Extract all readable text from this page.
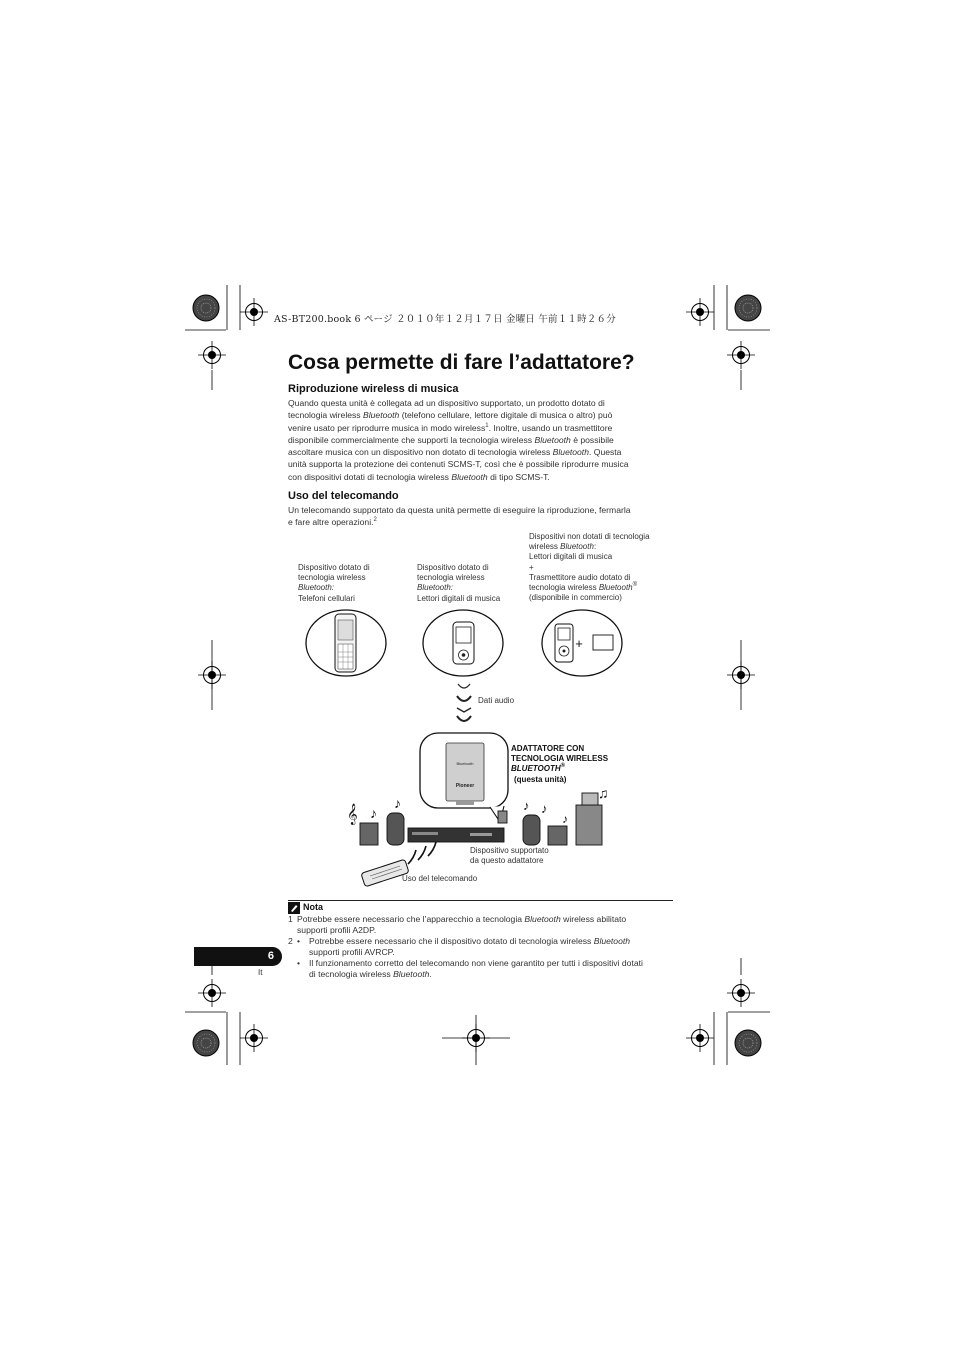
AS-BT200.book 6 ページ ２０１０年１２月１７日 金曜日 午前１１時２６分
Cosa permette di fare l’adattatore?
Riproduzione wireless di musica
Quando questa unità è collegata ad un dispositivo supportato, un prodotto dotato di
tecnologia wireless Bluetooth (telefono cellulare, lettore digitale di musica o altro) può
venire usato per riprodurre musica in modo wireless$^1$. Inoltre, usando un trasmettitore
disponibile commercialmente che supporti la tecnologia wireless Bluetooth è possibile
ascoltare musica con un dispositivo non dotato di tecnologia wireless Bluetooth. Questa
unità supporta la protezione dei contenuti SCMS-T, così che è possibile riprodurre musica
con dispositivi dotati di tecnologia wireless Bluetooth di tipo SCMS-T.
Uso del telecomando
Un telecomando supportato da questa unità permette di eseguire la riproduzione, fermarla
e fare altre operazioni.$^2$
Dispositivo dotato di
tecnologia wireless
Bluetooth:
Telefoni cellulari
Dispositivo dotato di
tecnologia wireless
Bluetooth:
Lettori digitali di musica
Dispositivi non dotati di tecnologia
wireless Bluetooth:
Lettori digitali di musica
+
Trasmettitore audio dotato di
tecnologia wireless Bluetooth®
(disponibile in commercio)
+
Bluetooth
Pioneer
𝄞 ♪
♪	♪ ♪
♪
♫
Dati audio
ADATTATORE CON
TECNOLOGIA WIRELESS
BLUETOOTH®
(questa unità)
Dispositivo supportato
da questo adattatore
Uso del telecomando
Nota
1 Potrebbe essere necessario che l’apparecchio a tecnologia Bluetooth wireless abilitato
supporti profili A2DP.
2 • Potrebbe essere necessario che il dispositivo dotato di tecnologia wireless Bluetooth
supporti profili AVRCP.
• Il funzionamento corretto del telecomando non viene garantito per tutti i dispositivi dotati
di tecnologia wireless Bluetooth.
6
It
